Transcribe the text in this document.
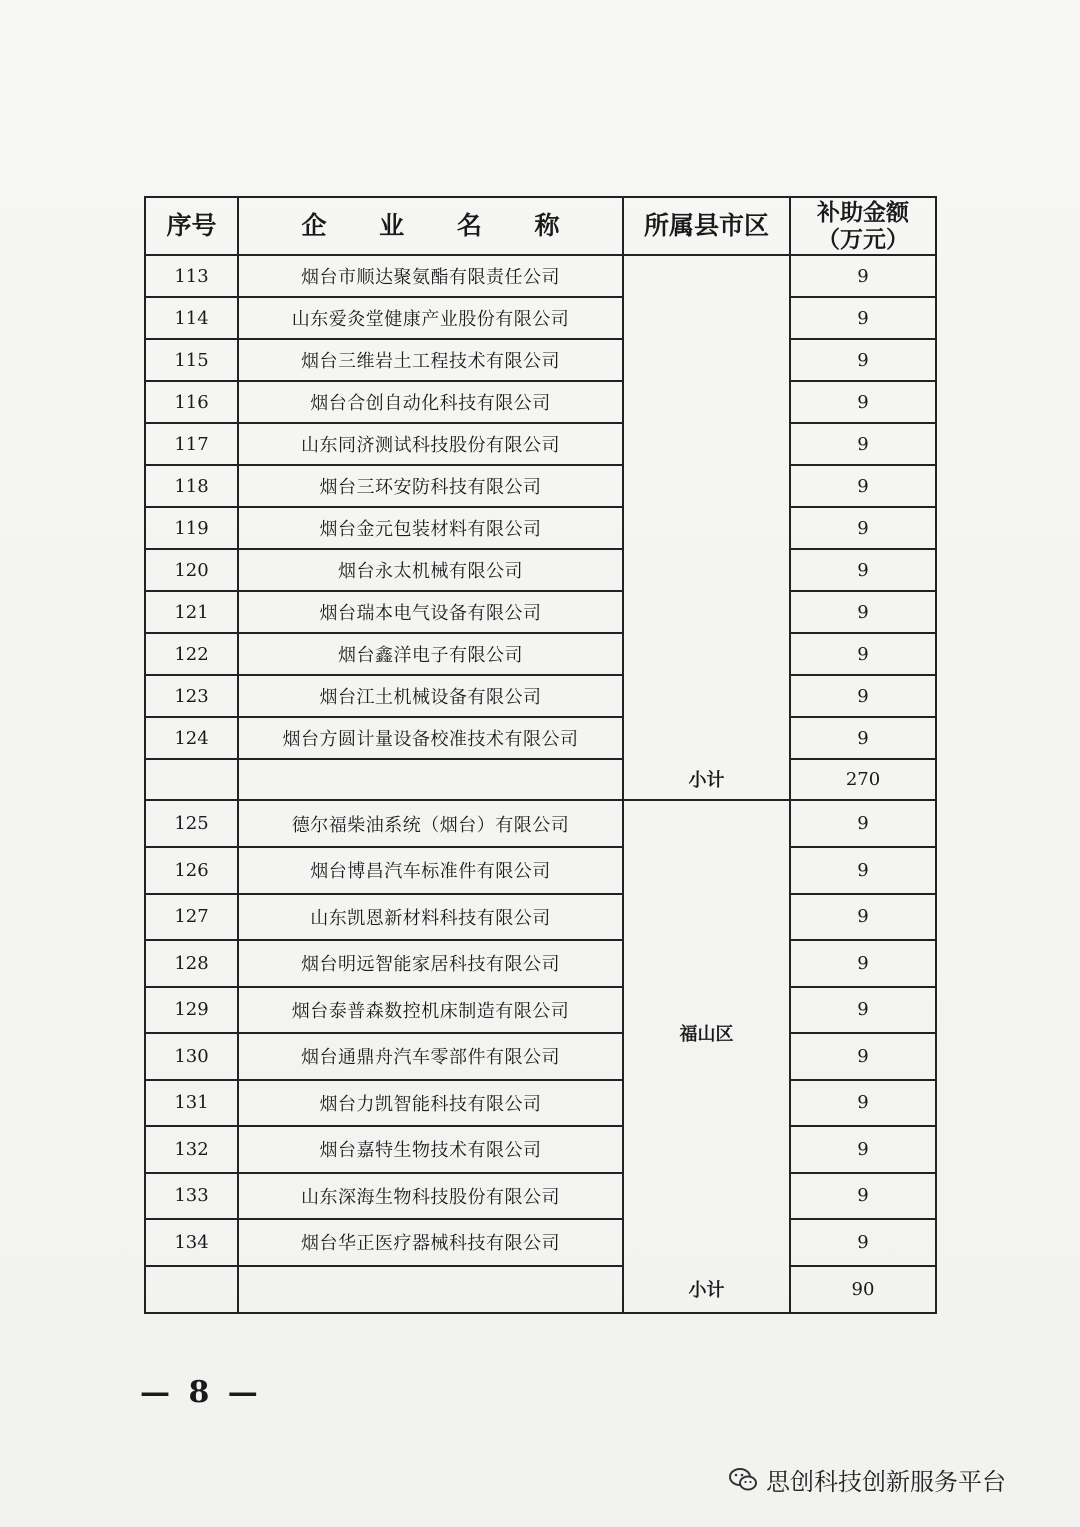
序号	企 业 名 称	所属县市区	补助金额
（万元）

113	烟台市顺达聚氨酯有限责任公司		9
114	山东爱灸堂健康产业股份有限公司		9
115	烟台三维岩土工程技术有限公司		9
116	烟台合创自动化科技有限公司		9
117	山东同济测试科技股份有限公司		9
118	烟台三环安防科技有限公司		9
119	烟台金元包装材料有限公司		9
120	烟台永太机械有限公司		9
121	烟台瑞本电气设备有限公司		9
122	烟台鑫洋电子有限公司		9
123	烟台江土机械设备有限公司		9
124	烟台方圆计量设备校准技术有限公司		9
		小计	270
125	德尔福柴油系统（烟台）有限公司	福山区	9
126	烟台博昌汽车标准件有限公司		9
127	山东凯恩新材料科技有限公司		9
128	烟台明远智能家居科技有限公司		9
129	烟台泰普森数控机床制造有限公司		9
130	烟台通鼎舟汽车零部件有限公司		9
131	烟台力凯智能科技有限公司		9
132	烟台嘉特生物技术有限公司		9
133	山东深海生物科技股份有限公司		9
134	烟台华正医疗器械科技有限公司		9
		小计	90
— 8 —
思创科技创新服务平台
